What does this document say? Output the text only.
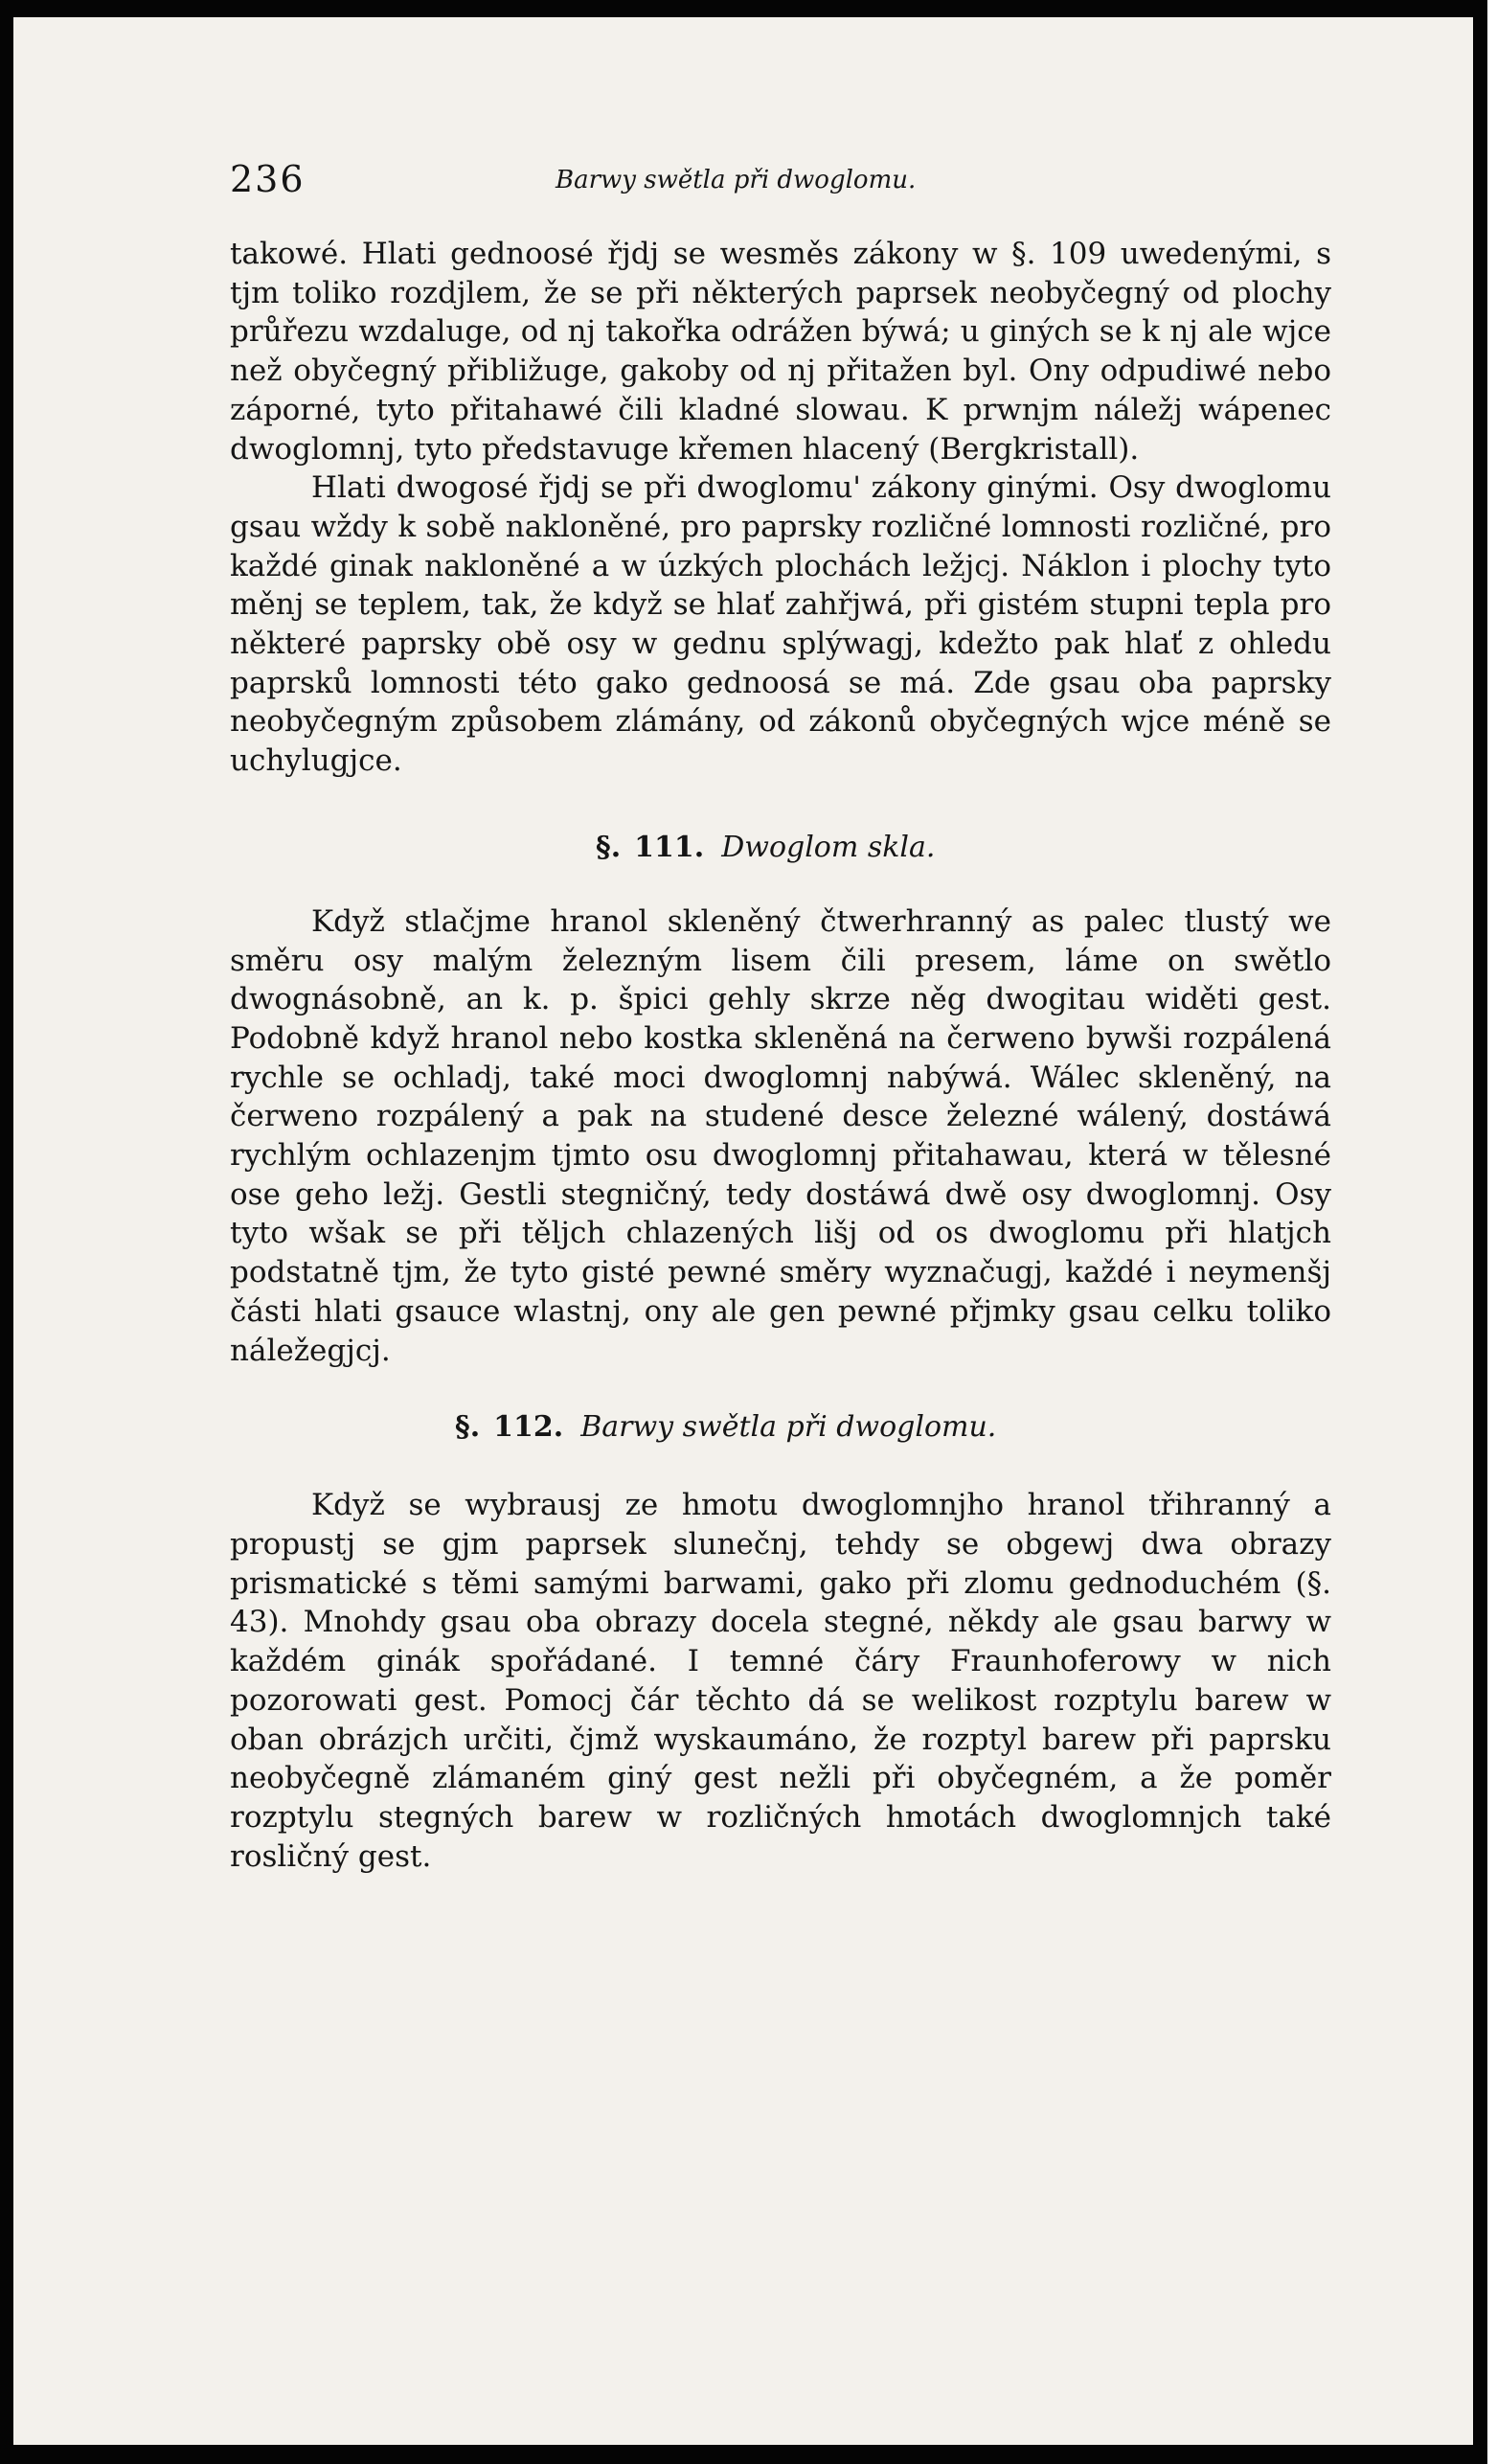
236	Barwy swětla při dwoglomu.

takowé. Hlati gednoosé řjdj se wesměs zákony w §. 109 uwedenými, s tjm toliko rozdjlem, že se při některých paprsek neobyčegný od plochy průřezu wzdaluge, od nj takořka odrážen býwá; u giných se k nj ale wjce než obyčegný přibližuge, gakoby od nj přitažen byl. Ony odpudiwé nebo záporné, tyto přitahawé čili kladné slowau. K prwnjm náležj wápenec dwoglomnj, tyto představuge křemen hlacený (Bergkristall).

Hlati dwogosé řjdj se při dwoglomu' zákony ginými. Osy dwoglomu gsau wždy k sobě nakloněné, pro paprsky rozličné lomnosti rozličné, pro každé ginak nakloněné a w úzkých plochách ležjcj. Náklon i plochy tyto měnj se teplem, tak, že když se hlať zahřjwá, při gistém stupni tepla pro některé paprsky obě osy w gednu splýwagj, kdežto pak hlať z ohledu paprsků lomnosti této gako gednoosá se má. Zde gsau oba paprsky neobyčegným způsobem zlámány, od zákonů obyčegných wjce méně se uchylugjce.

§. 111. Dwoglom skla.

Když stlačjme hranol skleněný čtwerhranný as palec tlustý we směru osy malým železným lisem čili presem, láme on swětlo dwognásobně, an k. p. špici gehly skrze něg dwogitau widěti gest. Podobně když hranol nebo kostka skleněná na čerweno bywši rozpálená rychle se ochladj, také moci dwoglomnj nabýwá. Wálec skleněný, na čerweno rozpálený a pak na studené desce železné wálený, dostáwá rychlým ochlazenjm tjmto osu dwoglomnj přitahawau, která w tělesné ose geho ležj. Gestli stegničný, tedy dostáwá dwě osy dwoglomnj. Osy tyto wšak se při těljch chlazených lišj od os dwoglomu při hlatjch podstatně tjm, že tyto gisté pewné směry wyznačugj, každé i neymenšj části hlati gsauce wlastnj, ony ale gen pewné přjmky gsau celku toliko náležegjcj.

§. 112. Barwy swětla při dwoglomu.

Když se wybrausj ze hmotu dwoglomnjho hranol třihranný a propustj se gjm paprsek slunečnj, tehdy se obgewj dwa obrazy prismatické s těmi samými barwami, gako při zlomu gednoduchém (§. 43). Mnohdy gsau oba obrazy docela stegné, někdy ale gsau barwy w každém ginák spořádané. I temné čáry Fraunhoferowy w nich pozorowati gest. Pomocj čár těchto dá se welikost rozptylu barew w oban obrázjch určiti, čjmž wyskaumáno, že rozptyl barew při paprsku neobyčegně zlámaném giný gest nežli při obyčegném, a že poměr rozptylu stegných barew w rozličných hmotách dwoglomnjch také rosličný gest.
